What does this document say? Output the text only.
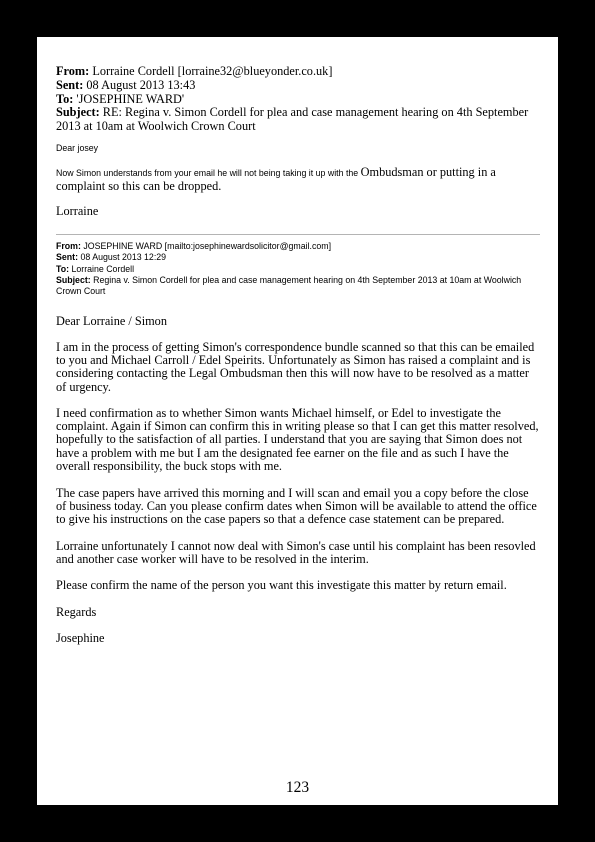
From: Lorraine Cordell [lorraine32@blueyonder.co.uk]
Sent: 08 August 2013 13:43
To: 'JOSEPHINE WARD'
Subject: RE: Regina v. Simon Cordell for plea and case management hearing on 4th September 2013 at 10am at Woolwich Crown Court
Dear josey
Now Simon understands from your email he will not being taking it up with the Ombudsman or putting in a
complaint so this can be dropped.
Lorraine
From: JOSEPHINE WARD [mailto:josephinewardsolicitor@gmail.com]
Sent: 08 August 2013 12:29
To: Lorraine Cordell
Subject: Regina v. Simon Cordell for plea and case management hearing on 4th September 2013 at 10am at Woolwich Crown Court
Dear Lorraine / Simon
I am in the process of getting Simon's correspondence bundle scanned so that this can be emailed to you and Michael Carroll / Edel Speirits. Unfortunately as Simon has raised a complaint and is considering contacting the Legal Ombudsman then this will now have to be resolved as a matter of urgency.
I need confirmation as to whether Simon wants Michael himself, or Edel to investigate the complaint. Again if Simon can confirm this in writing please so that I can get this matter resolved, hopefully to the satisfaction of all parties. I understand that you are saying that Simon does not have a problem with me but I am the designated fee earner on the file and as such I have the overall responsibility, the buck stops with me.
The case papers have arrived this morning and I will scan and email you a copy before the close of business today. Can you please confirm dates when Simon will be available to attend the office to give his instructions on the case papers so that a defence case statement can be prepared.
Lorraine unfortunately I cannot now deal with Simon's case until his complaint has been resovled and another case worker will have to be resolved in the interim.
Please confirm the name of the person you want this investigate this matter by return email.
Regards
Josephine
123
